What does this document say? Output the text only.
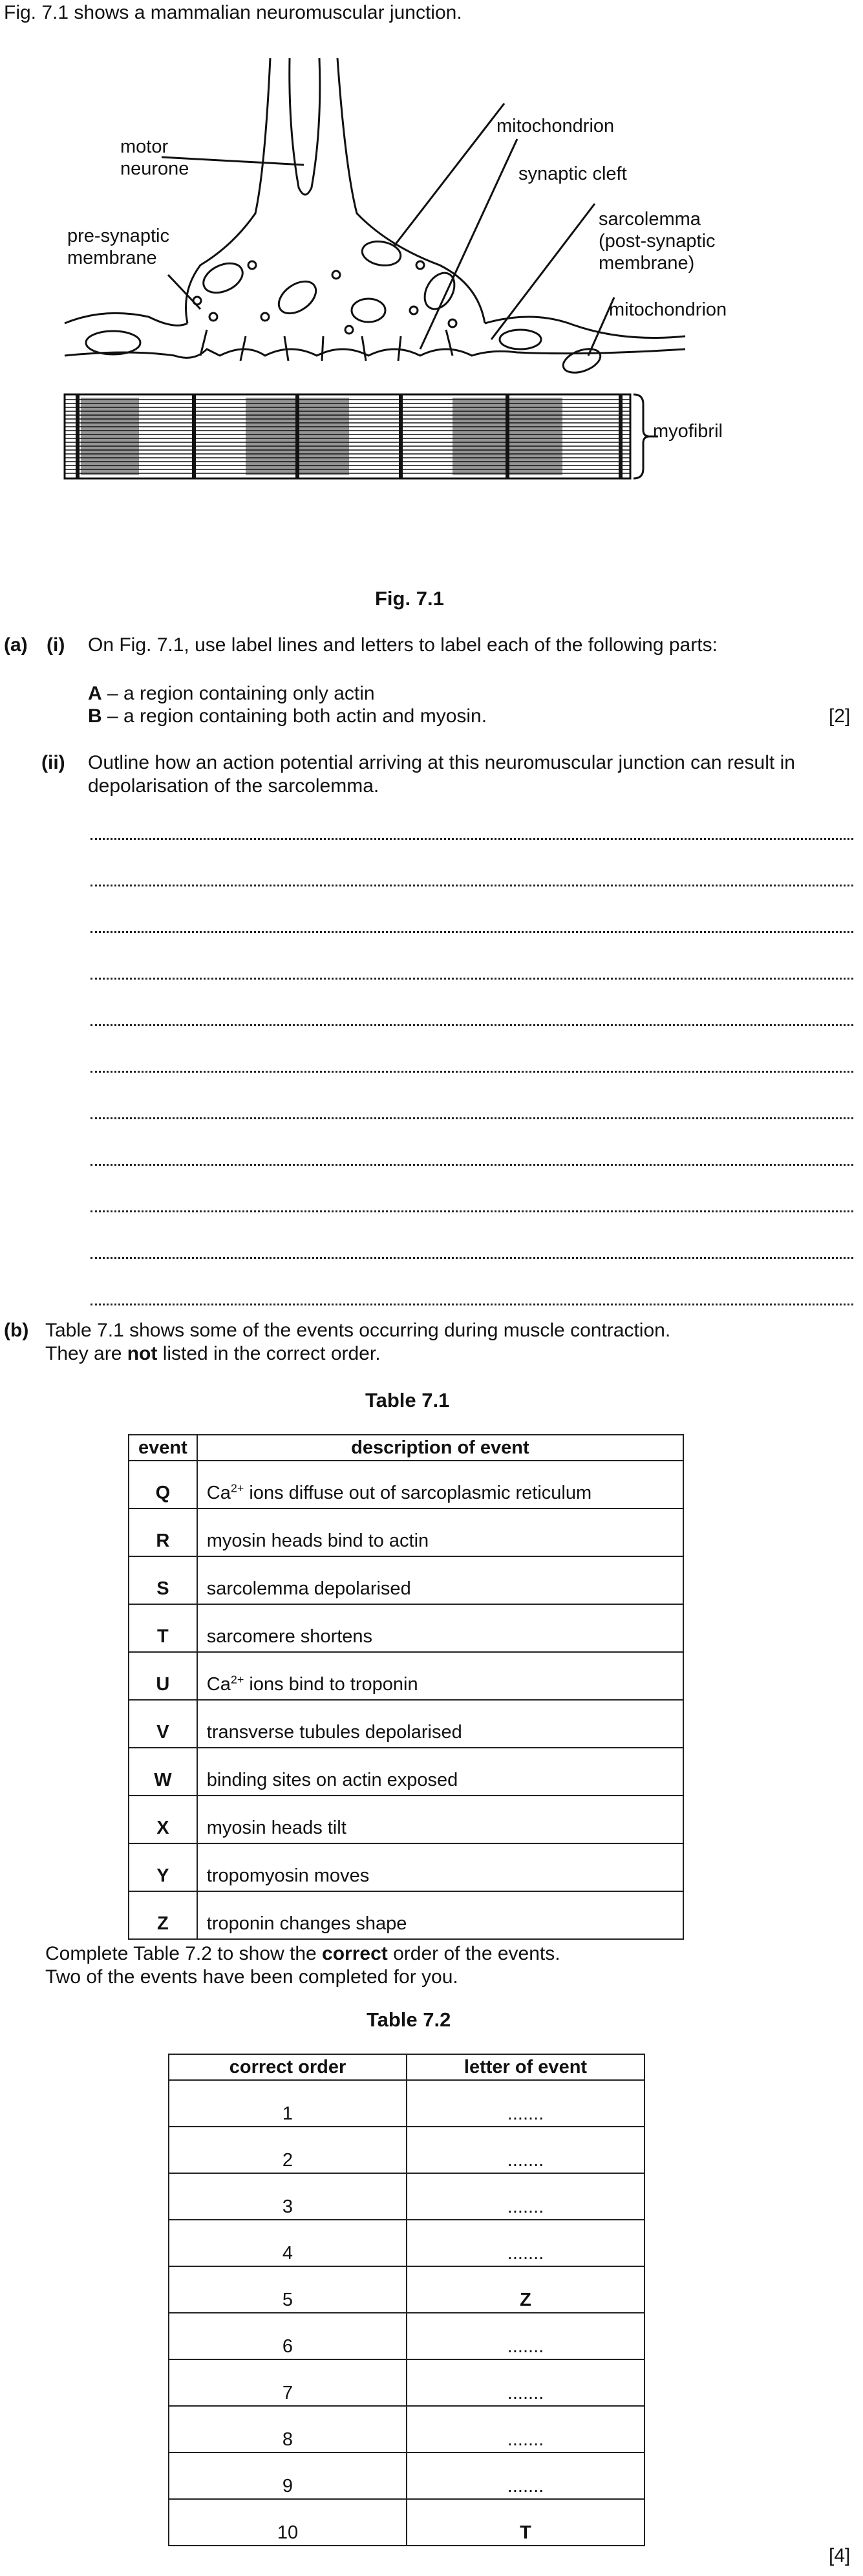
Fig. 7.1 shows a mammalian neuromuscular junction.
motor
neurone
mitochondrion
synaptic cleft
pre-synaptic
membrane
sarcolemma
(post-synaptic
membrane)
mitochondrion
myofibril
Fig. 7.1
(a) (i) On Fig. 7.1, use label lines and letters to label each of the following parts:
A – a region containing only actin
B – a region containing both actin and myosin.	[2]
(ii) Outline how an action potential arriving at this neuromuscular junction can result in
depolarisation of the sarcolemma.
(b) Table 7.1 shows some of the events occurring during muscle contraction.
They are not listed in the correct order.
Table 7.1
event	description of event
Q	$Ca^{2+}$ ions diffuse out of sarcoplasmic reticulum
R	myosin heads bind to actin
S	sarcolemma depolarised
T	sarcomere shortens
U	$Ca^{2+}$ ions bind to troponin
V	transverse tubules depolarised
W	binding sites on actin exposed
X	myosin heads tilt
Y	tropomyosin moves
Z	troponin changes shape
Complete Table 7.2 to show the correct order of the events.
Two of the events have been completed for you.
Table 7.2
correct order	letter of event
1	.......
2	.......
3	.......
4	.......
5	Z
6	.......
7	.......
8	.......
9	.......
10	T
[4]
